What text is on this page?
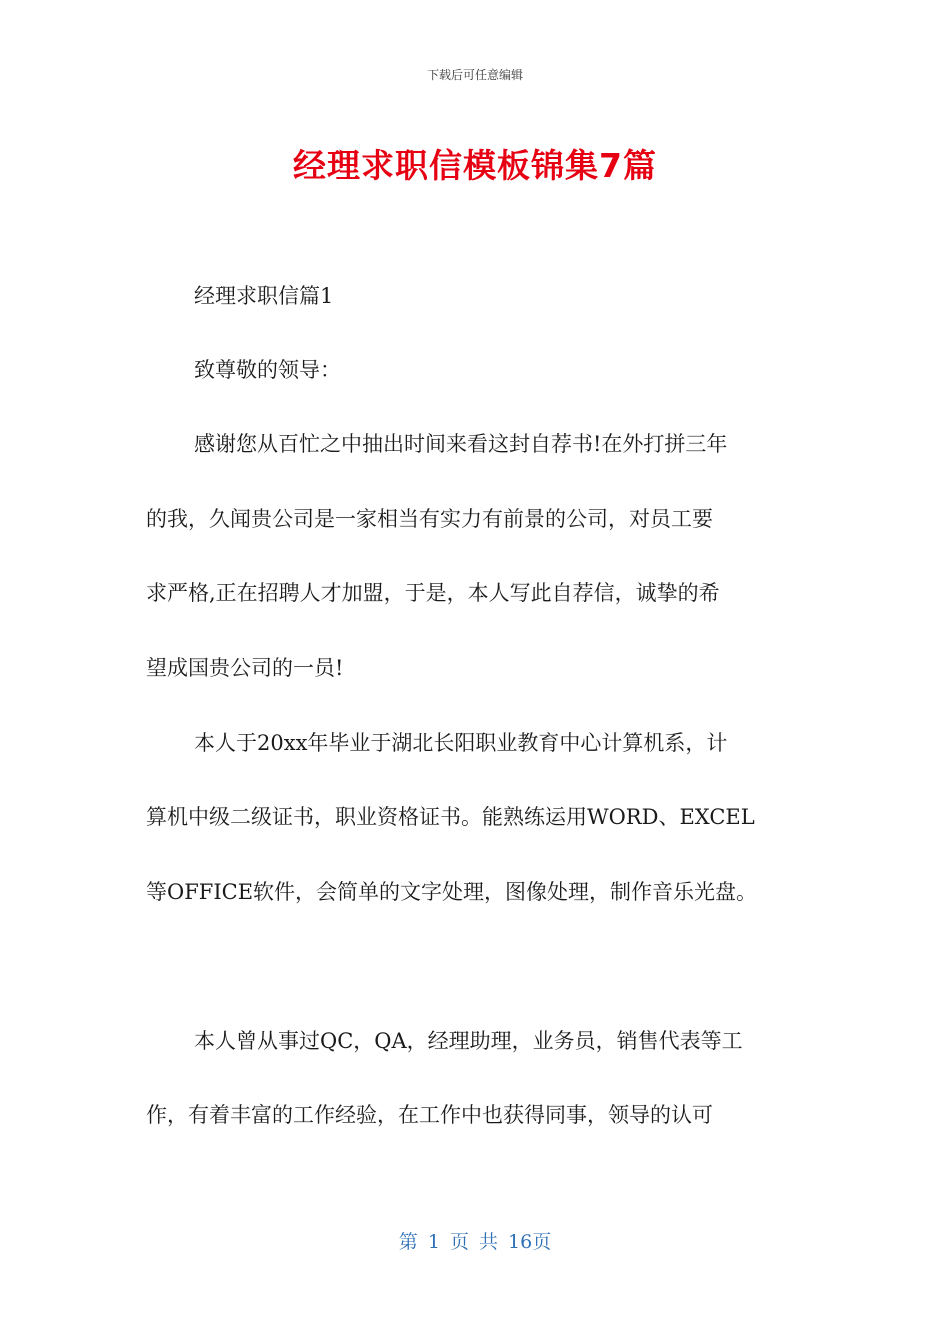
下载后可任意编辑
经理求职信模板锦集7篇

经理求职信篇1

致尊敬的领导：

感谢您从百忙之中抽出时间来看这封自荐书!在外打拼三年

的我，久闻贵公司是一家相当有实力有前景的公司，对员工要

求严格,正在招聘人才加盟，于是，本人写此自荐信，诚挚的希

望成国贵公司的一员!

本人于20xx年毕业于湖北长阳职业教育中心计算机系，计

算机中级二级证书，职业资格证书。能熟练运用WORD、EXCEL

等OFFICE软件，会简单的文字处理，图像处理，制作音乐光盘。

本人曾从事过QC，QA，经理助理，业务员，销售代表等工

作，有着丰富的工作经验，在工作中也获得同事，领导的认可

第 1 页 共 16页
